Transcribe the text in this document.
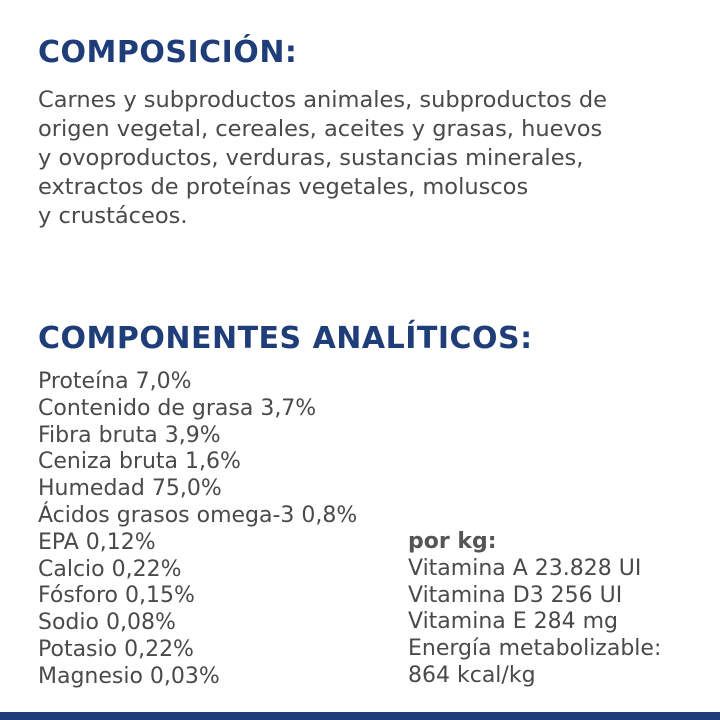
COMPOSICIÓN:

Carnes y subproductos animales, subproductos de
origen vegetal, cereales, aceites y grasas, huevos
y ovoproductos, verduras, sustancias minerales,
extractos de proteínas vegetales, moluscos
y crustáceos.

COMPONENTES ANALÍTICOS:
Proteína 7,0%
Contenido de grasa 3,7%
Fibra bruta 3,9%
Ceniza bruta 1,6%
Humedad 75,0%
Ácidos grasos omega-3 0,8%
EPA 0,12%
Calcio 0,22%
Fósforo 0,15%
Sodio 0,08%
Potasio 0,22%
Magnesio 0,03%
por kg:
Vitamina A 23.828 UI
Vitamina D3 256 UI
Vitamina E 284 mg
Energía metabolizable:
864 kcal/kg
